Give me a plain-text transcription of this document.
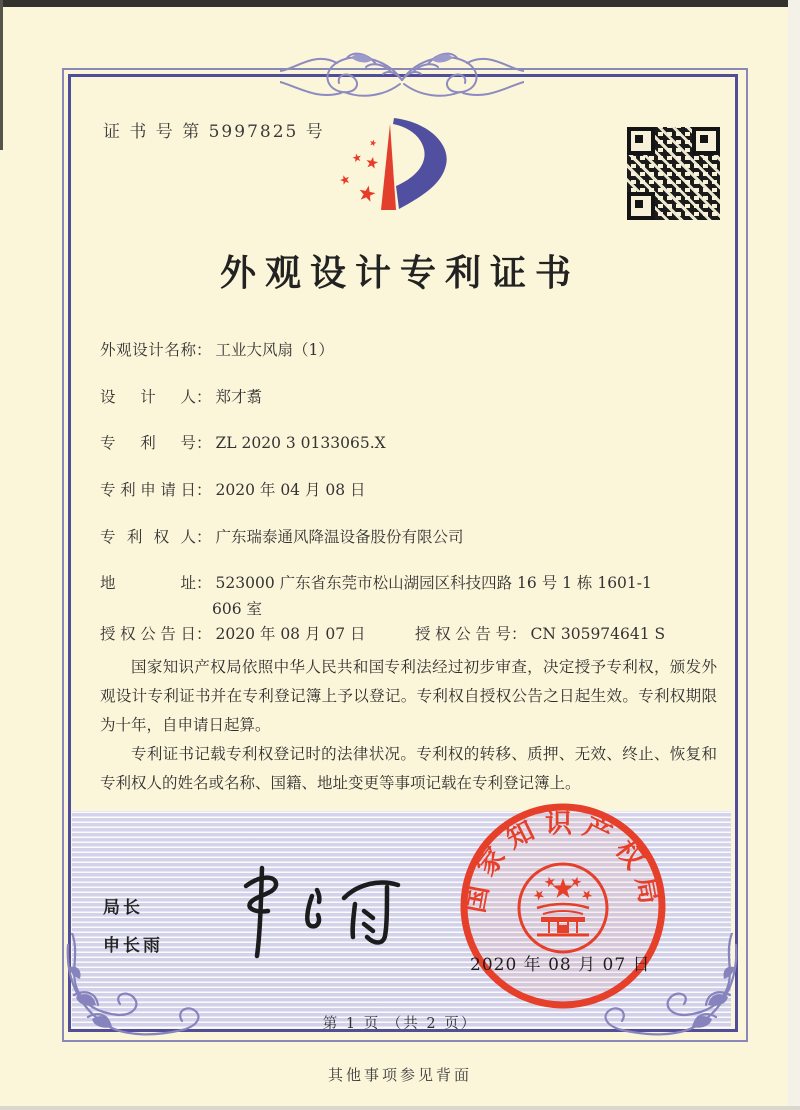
证 书 号 第 5997825 号
外观设计专利证书
外观设计名称： 工业大风扇（1）
设计人： 郑才翥
专利号： ZL 2020 3 0133065.X
专利申请日： 2020 年 04 月 08 日
专利权人： 广东瑞泰通风降温设备股份有限公司
地址： 523000 广东省东莞市松山湖园区科技四路 16 号 1 栋 1601-1
606 室
授权公告日： 2020 年 08 月 07 日	授权公告号： CN 305974641 S

国家知识产权局依照中华人民共和国专利法经过初步审查，决定授予专利权，颁发外观设计专利证书并在专利登记簿上予以登记。专利权自授权公告之日起生效。专利权期限为十年，自申请日起算。

专利证书记载专利权登记时的法律状况。专利权的转移、质押、无效、终止、恢复和专利权人的姓名或名称、国籍、地址变更等事项记载在专利登记簿上。

局长
申长雨
国家知识产权局
2020 年 08 月 07 日
第 1 页 （共 2 页）
其他事项参见背面
